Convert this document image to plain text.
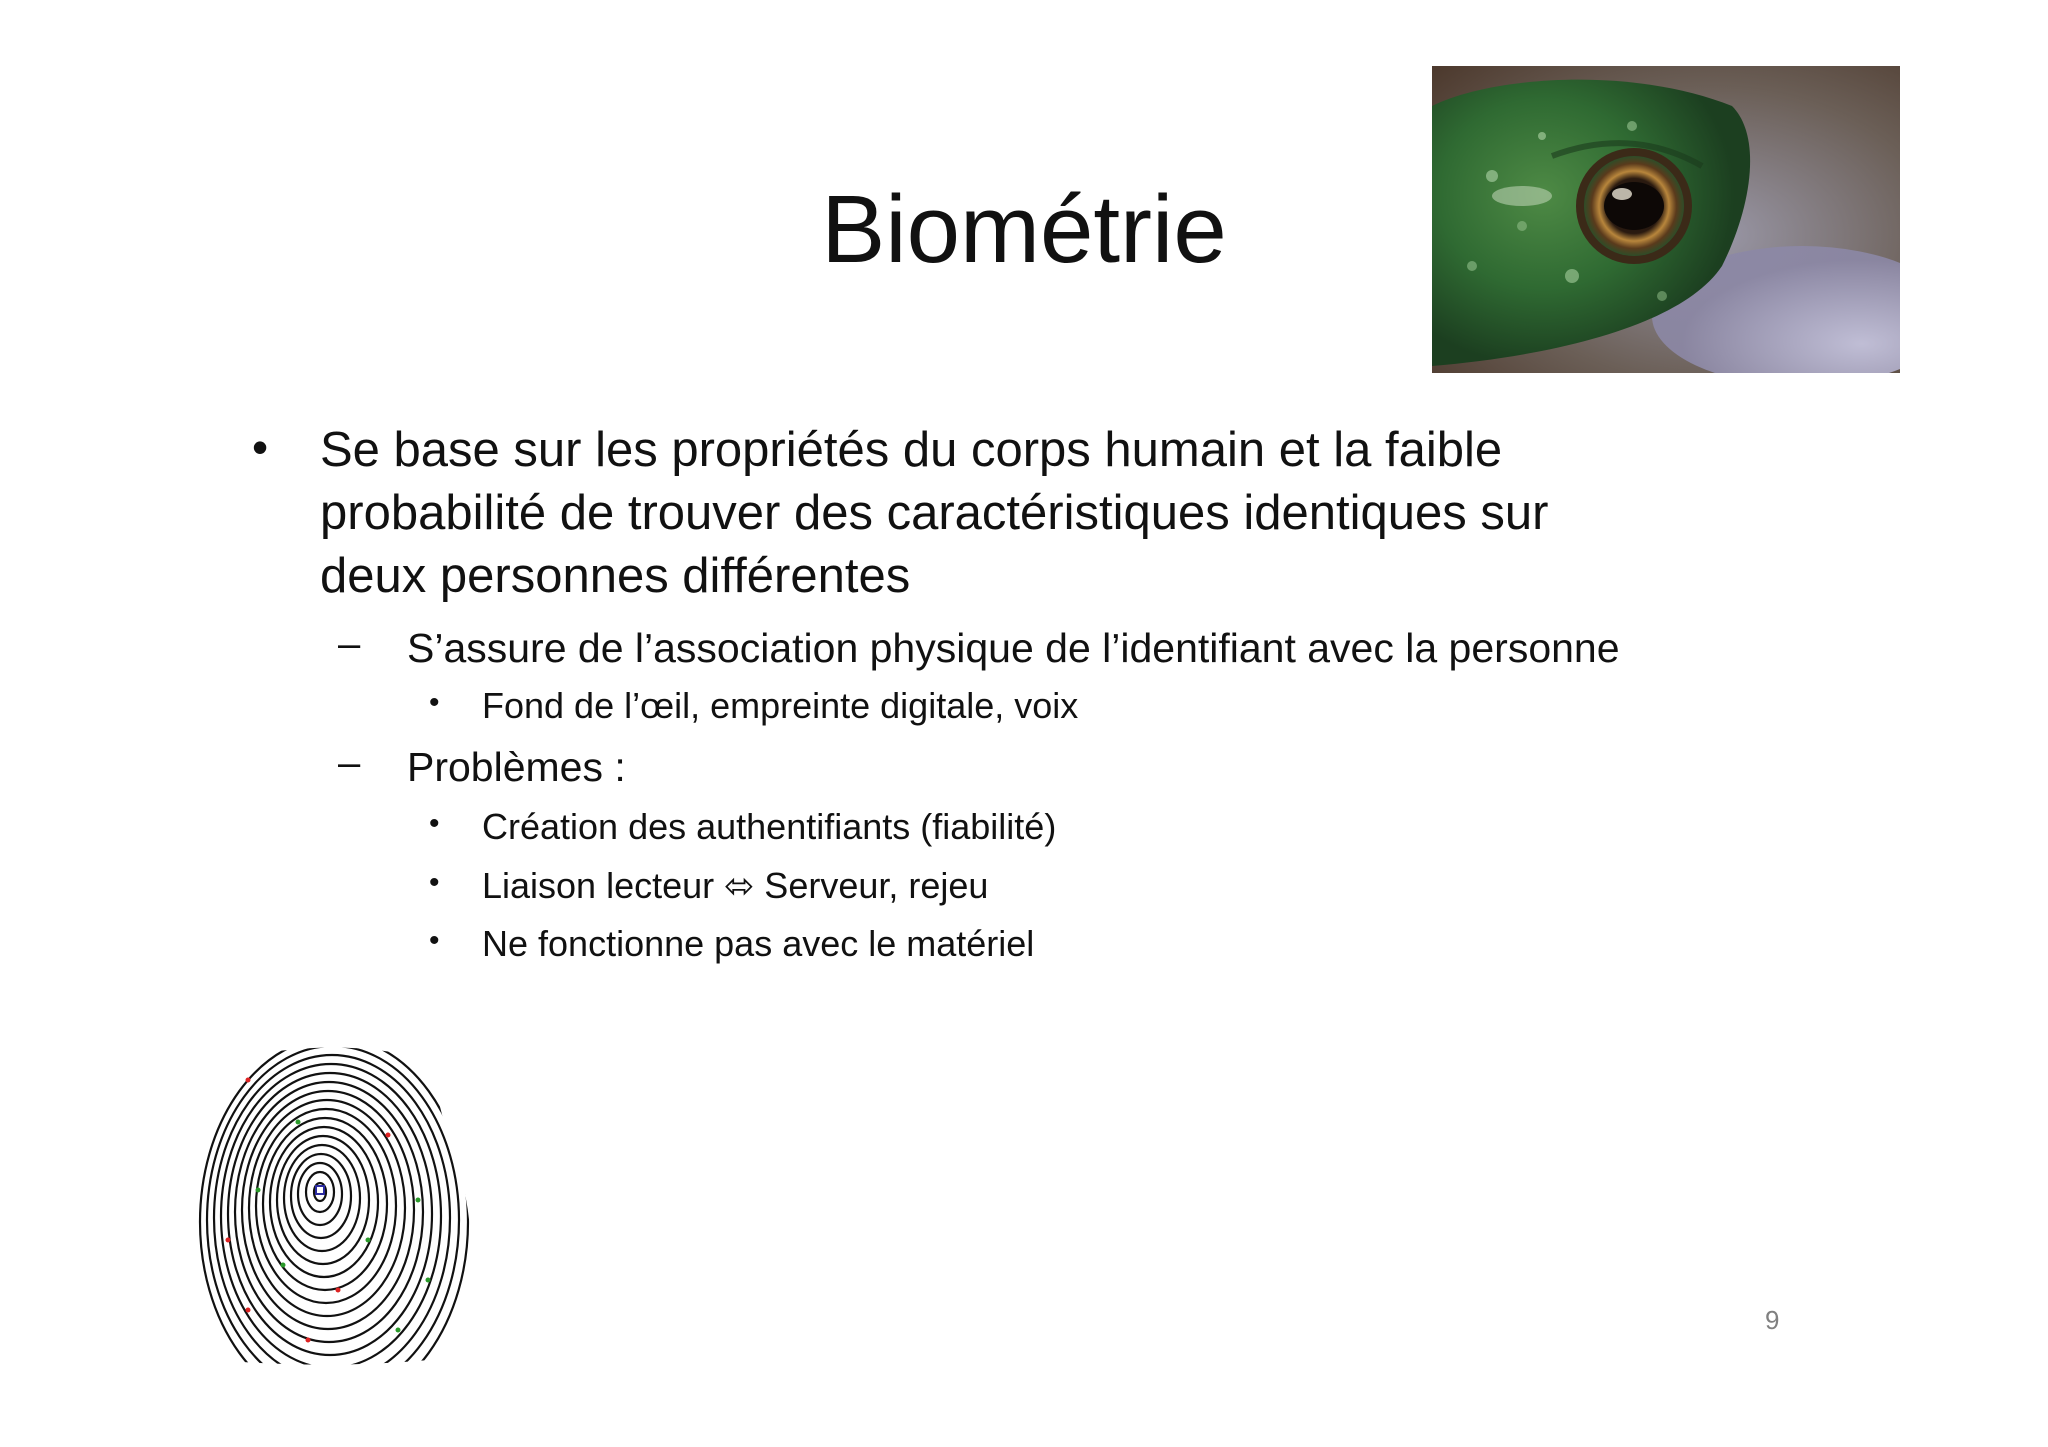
Biométrie
• Se base sur les propriétés du corps humain et la faible

probabilité de trouver des caractéristiques identiques sur

deux personnes différentes

– S’assure de l’association physique de l’identifiant avec la personne

• Fond de l’œil, empreinte digitale, voix

– Problèmes :

• Création des authentifiants (fiabilité)

• Liaison lecteur ⬄ Serveur, rejeu

• Ne fonctionne pas avec le matériel

9
